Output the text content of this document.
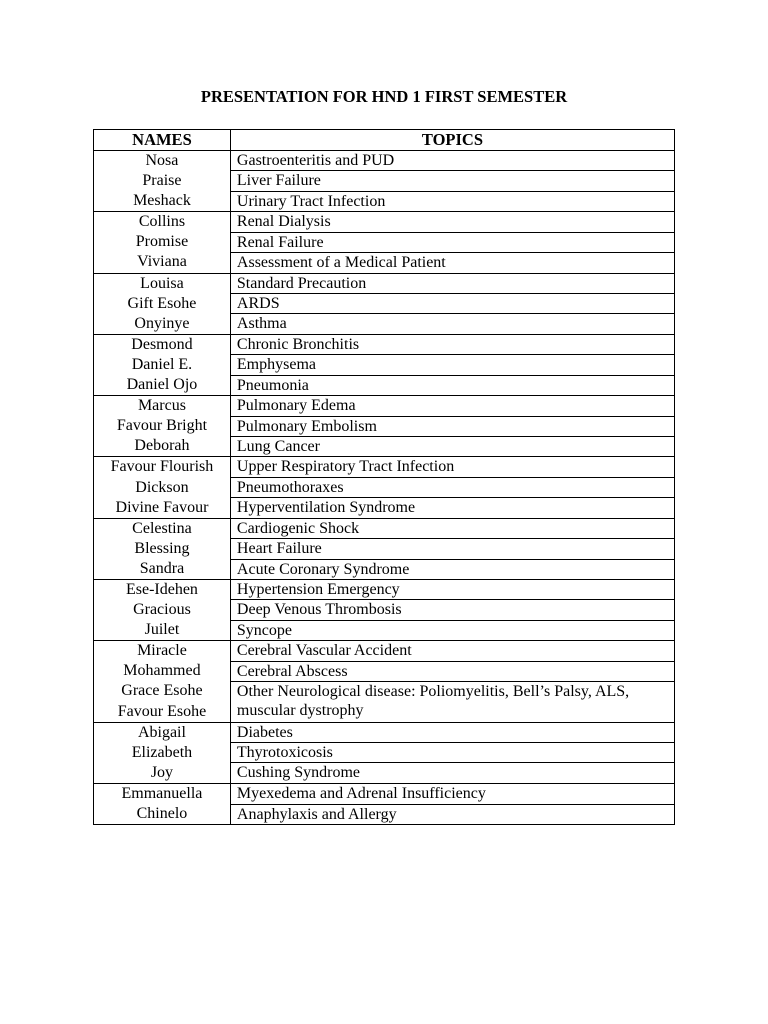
PRESENTATION FOR HND 1 FIRST SEMESTER
NAMES	TOPICS

Nosa
Praise
Meshack	Gastroenteritis and PUD
	Liver Failure
	Urinary Tract Infection

Collins
Promise
Viviana	Renal Dialysis
	Renal Failure
	Assessment of a Medical Patient

Louisa
Gift Esohe
Onyinye	Standard Precaution
	ARDS
	Asthma

Desmond
Daniel E.
Daniel Ojo	Chronic Bronchitis
	Emphysema
	Pneumonia

Marcus
Favour Bright
Deborah	Pulmonary Edema
	Pulmonary Embolism
	Lung Cancer

Favour Flourish
Dickson
Divine Favour	Upper Respiratory Tract Infection
	Pneumothoraxes
	Hyperventilation Syndrome

Celestina
Blessing
Sandra	Cardiogenic Shock
	Heart Failure
	Acute Coronary Syndrome

Ese-Idehen
Gracious
Juilet	Hypertension Emergency
	Deep Venous Thrombosis
	Syncope

Miracle
Mohammed
Grace Esohe
Favour Esohe	Cerebral Vascular Accident
	Cerebral Abscess
	Other Neurological disease: Poliomyelitis, Bell’s Palsy, ALS, muscular dystrophy

Abigail
Elizabeth
Joy	Diabetes
	Thyrotoxicosis
	Cushing Syndrome

Emmanuella
Chinelo	Myexedema and Adrenal Insufficiency
	Anaphylaxis and Allergy
